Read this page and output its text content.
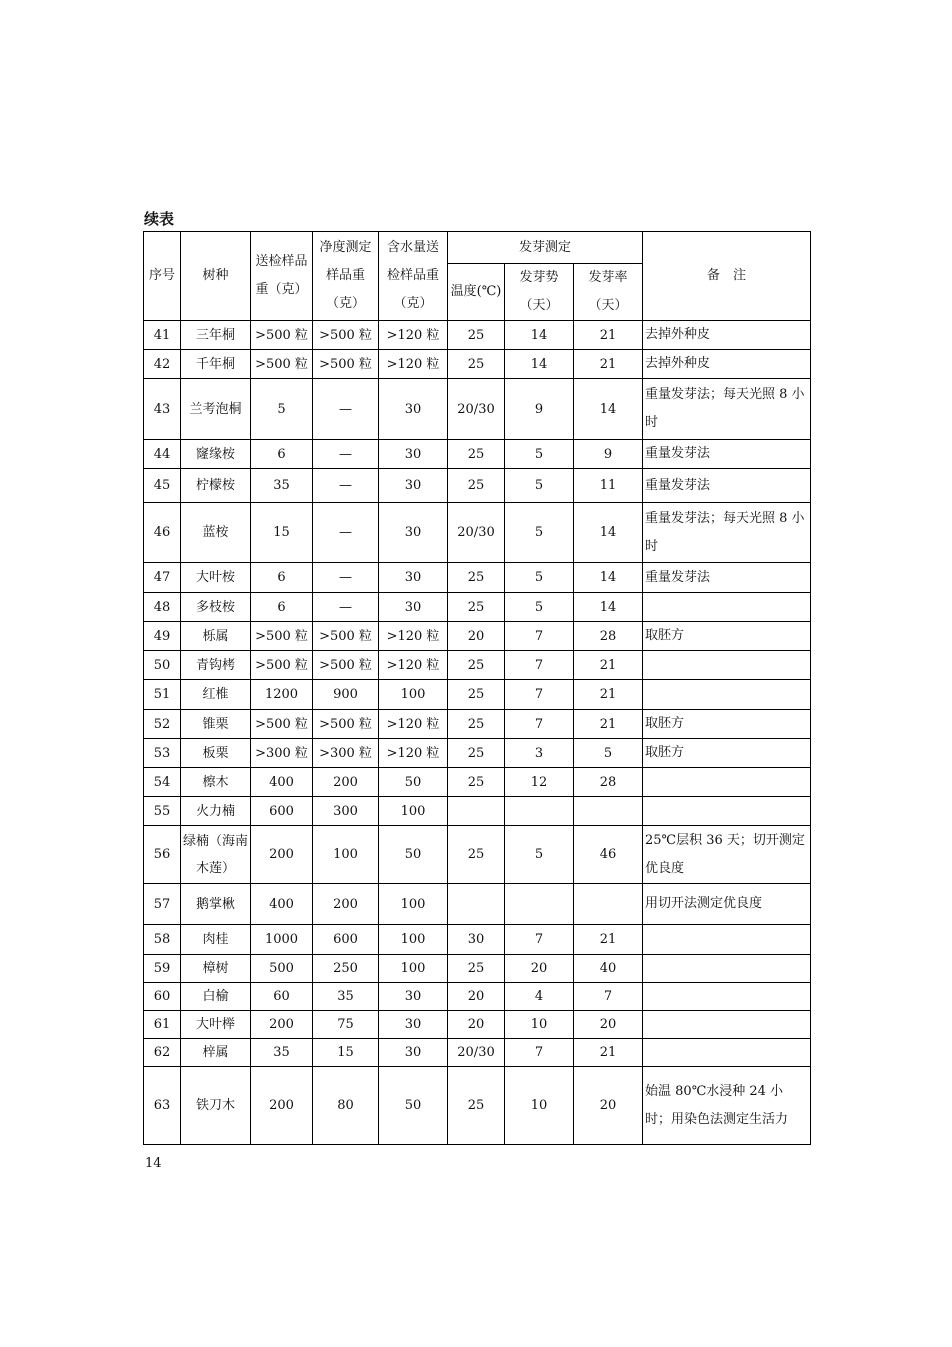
续表
序号	树种	送检样品重（克）	净度测定样品重（克）	含水量送检样品重（克）	发芽测定			备　注
					温度(℃)	发芽势（天）	发芽率（天）	
41	三年桐	>500 粒	>500 粒	>120 粒	25	14	21	去掉外种皮
42	千年桐	>500 粒	>500 粒	>120 粒	25	14	21	去掉外种皮
43	兰考泡桐	5	—	30	20/30	9	14	重量发芽法；每天光照 8 小时
44	窿缘桉	6	—	30	25	5	9	重量发芽法
45	柠檬桉	35	—	30	25	5	11	重量发芽法
46	蓝桉	15	—	30	20/30	5	14	重量发芽法；每天光照 8 小时
47	大叶桉	6	—	30	25	5	14	重量发芽法
48	多枝桉	6	—	30	25	5	14	
49	栎属	>500 粒	>500 粒	>120 粒	20	7	28	取胚方
50	青钩栲	>500 粒	>500 粒	>120 粒	25	7	21	
51	红椎	1200	900	100	25	7	21	
52	锥栗	>500 粒	>500 粒	>120 粒	25	7	21	取胚方
53	板栗	>300 粒	>300 粒	>120 粒	25	3	5	取胚方
54	檫木	400	200	50	25	12	28	
55	火力楠	600	300	100				
56	绿楠（海南木莲）	200	100	50	25	5	46	25℃层积 36 天；切开测定优良度
57	鹅掌楸	400	200	100				用切开法测定优良度
58	肉桂	1000	600	100	30	7	21	
59	樟树	500	250	100	25	20	40	
60	白榆	60	35	30	20	4	7	
61	大叶榉	200	75	30	20	10	20	
62	梓属	35	15	30	20/30	7	21	
63	铁刀木	200	80	50	25	10	20	始温 80℃水浸种 24 小时；用染色法测定生活力
14
